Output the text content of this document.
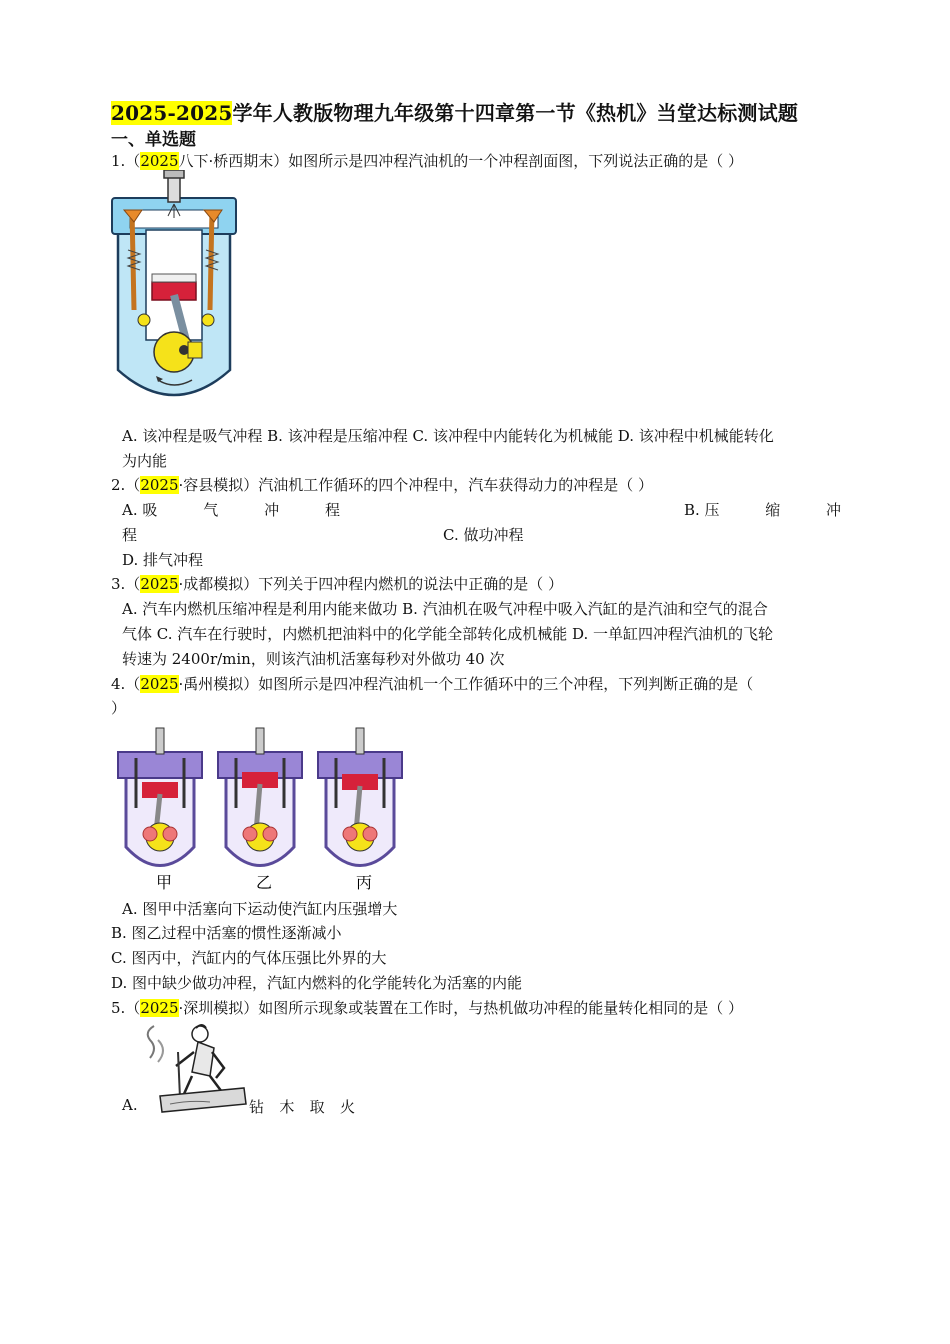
2025-2025学年人教版物理九年级第十四章第一节《热机》当堂达标测试题
一、单选题
1.（2025八下·桥西期末）如图所示是四冲程汽油机的一个冲程剖面图，下列说法正确的是（ ）
A. 该冲程是吸气冲程 B. 该冲程是压缩冲程 C. 该冲程中内能转化为机械能 D. 该冲程中机械能转化
为内能
2.（2025·容县模拟）汽油机工作循环的四个冲程中，汽车获得动力的冲程是（ ）
A. 吸	气	冲	程	B. 压	缩	冲
程	C. 做功冲程
D. 排气冲程
3.（2025·成都模拟）下列关于四冲程内燃机的说法中正确的是（ ）
A. 汽车内燃机压缩冲程是利用内能来做功 B. 汽油机在吸气冲程中吸入汽缸的是汽油和空气的混合
气体 C. 汽车在行驶时，内燃机把油料中的化学能全部转化成机械能 D. 一单缸四冲程汽油机的飞轮
转速为 2400r/min，则该汽油机活塞每秒对外做功 40 次
4.（2025·禹州模拟）如图所示是四冲程汽油机一个工作循环中的三个冲程，下列判断正确的是（
）
甲	乙	丙
A. 图甲中活塞向下运动使汽缸内压强增大
B. 图乙过程中活塞的惯性逐渐减小
C. 图丙中，汽缸内的气体压强比外界的大
D. 图中缺少做功冲程，汽缸内燃料的化学能转化为活塞的内能
5.（2025·深圳模拟）如图所示现象或装置在工作时，与热机做功冲程的能量转化相同的是（ ）
A.	钻 木 取 火
